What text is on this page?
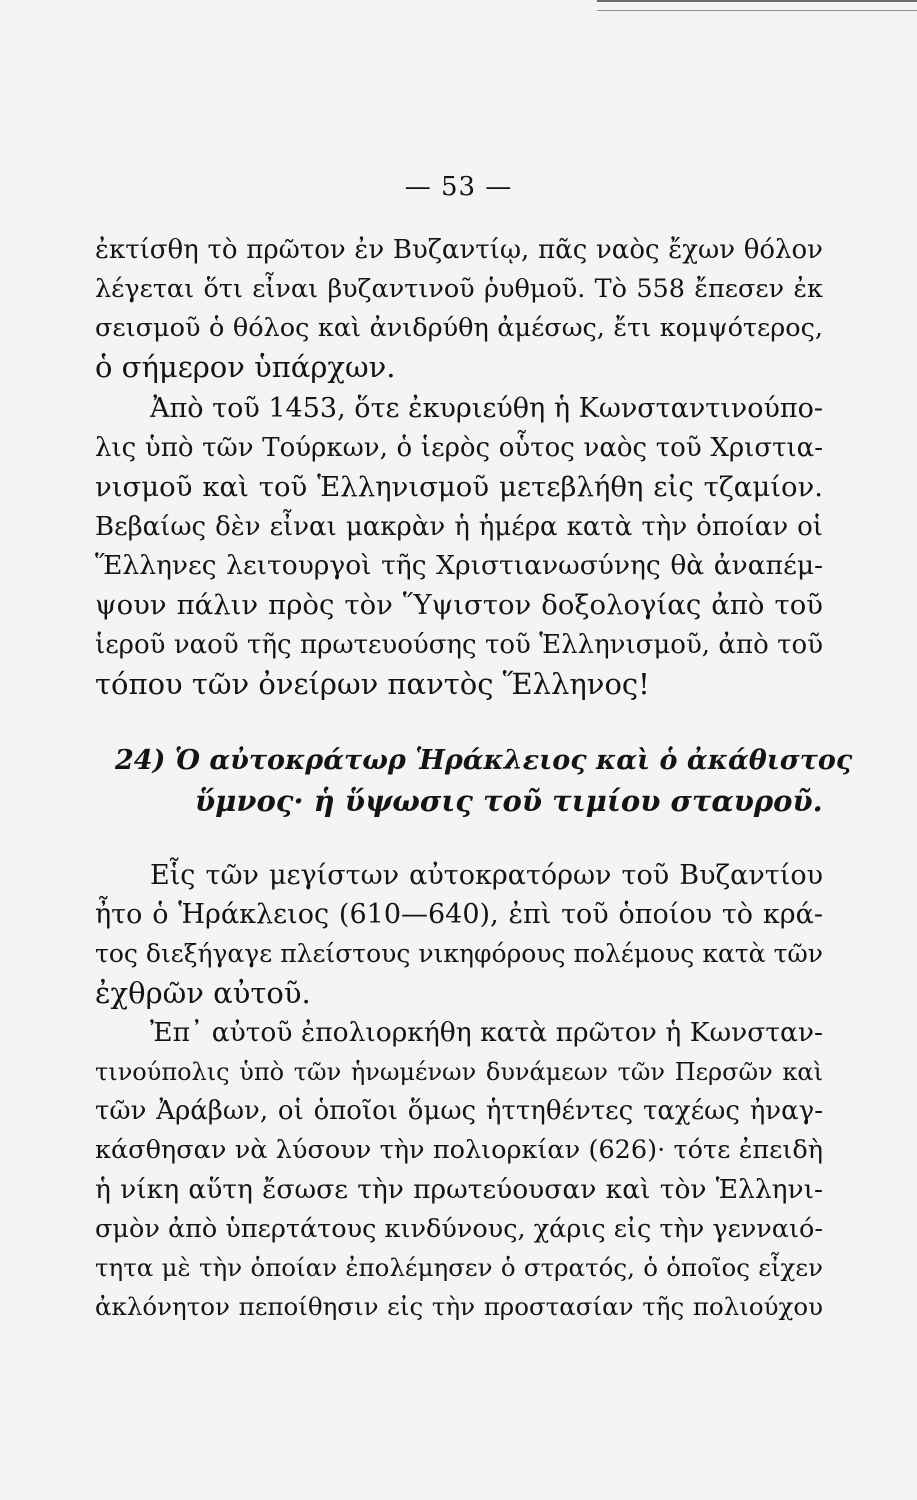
— 53 —
ἐκτίσθη τὸ πρῶτον ἐν Βυζαντίῳ, πᾶς ναὸς ἔχων θόλον
λέγεται ὅτι εἶναι βυζαντινοῦ ῥυθμοῦ. Τὸ 558 ἔπεσεν ἐκ
σεισμοῦ ὁ θόλος καὶ ἀνιδρύθη ἀμέσως, ἔτι κομψότερος,
ὁ σήμερον ὑπάρχων.
Ἀπὸ τοῦ 1453, ὅτε ἐκυριεύθη ἡ Κωνσταντινούπο-
λις ὑπὸ τῶν Τούρκων, ὁ ἱερὸς οὗτος ναὸς τοῦ Χριστια-
νισμοῦ καὶ τοῦ Ἑλληνισμοῦ μετεβλήθη εἰς τζαμίον.
Βεβαίως δὲν εἶναι μακρὰν ἡ ἡμέρα κατὰ τὴν ὁποίαν οἱ
Ἕλληνες λειτουργοὶ τῆς Χριστιανωσύνης θὰ ἀναπέμ-
ψουν πάλιν πρὸς τὸν Ὕψιστον δοξολογίας ἀπὸ τοῦ
ἱεροῦ ναοῦ τῆς πρωτευούσης τοῦ Ἑλληνισμοῦ, ἀπὸ τοῦ
τόπου τῶν ὀνείρων παντὸς Ἕλληνος!
24) Ὁ αὐτοκράτωρ Ἡράκλειος καὶ ὁ ἀκάθιστος
ὕμνος· ἡ ὕψωσις τοῦ τιμίου σταυροῦ.
Εἷς τῶν μεγίστων αὐτοκρατόρων τοῦ Βυζαντίου
ἦτο ὁ Ἡράκλειος (610—640), ἐπὶ τοῦ ὁποίου τὸ κρά-
τος διεξήγαγε πλείστους νικηφόρους πολέμους κατὰ τῶν
ἐχθρῶν αὐτοῦ.
Ἐπ᾽ αὐτοῦ ἐπολιορκήθη κατὰ πρῶτον ἡ Κωνσταν-
τινούπολις ὑπὸ τῶν ἡνωμένων δυνάμεων τῶν Περσῶν καὶ
τῶν Ἀράβων, οἱ ὁποῖοι ὅμως ἡττηθέντες ταχέως ἠναγ-
κάσθησαν νὰ λύσουν τὴν πολιορκίαν (626)· τότε ἐπειδὴ
ἡ νίκη αὕτη ἔσωσε τὴν πρωτεύουσαν καὶ τὸν Ἑλληνι-
σμὸν ἀπὸ ὑπερτάτους κινδύνους, χάρις εἰς τὴν γενναιό-
τητα μὲ τὴν ὁποίαν ἐπολέμησεν ὁ στρατός, ὁ ὁποῖος εἶχεν
ἀκλόνητον πεποίθησιν εἰς τὴν προστασίαν τῆς πολιούχου
